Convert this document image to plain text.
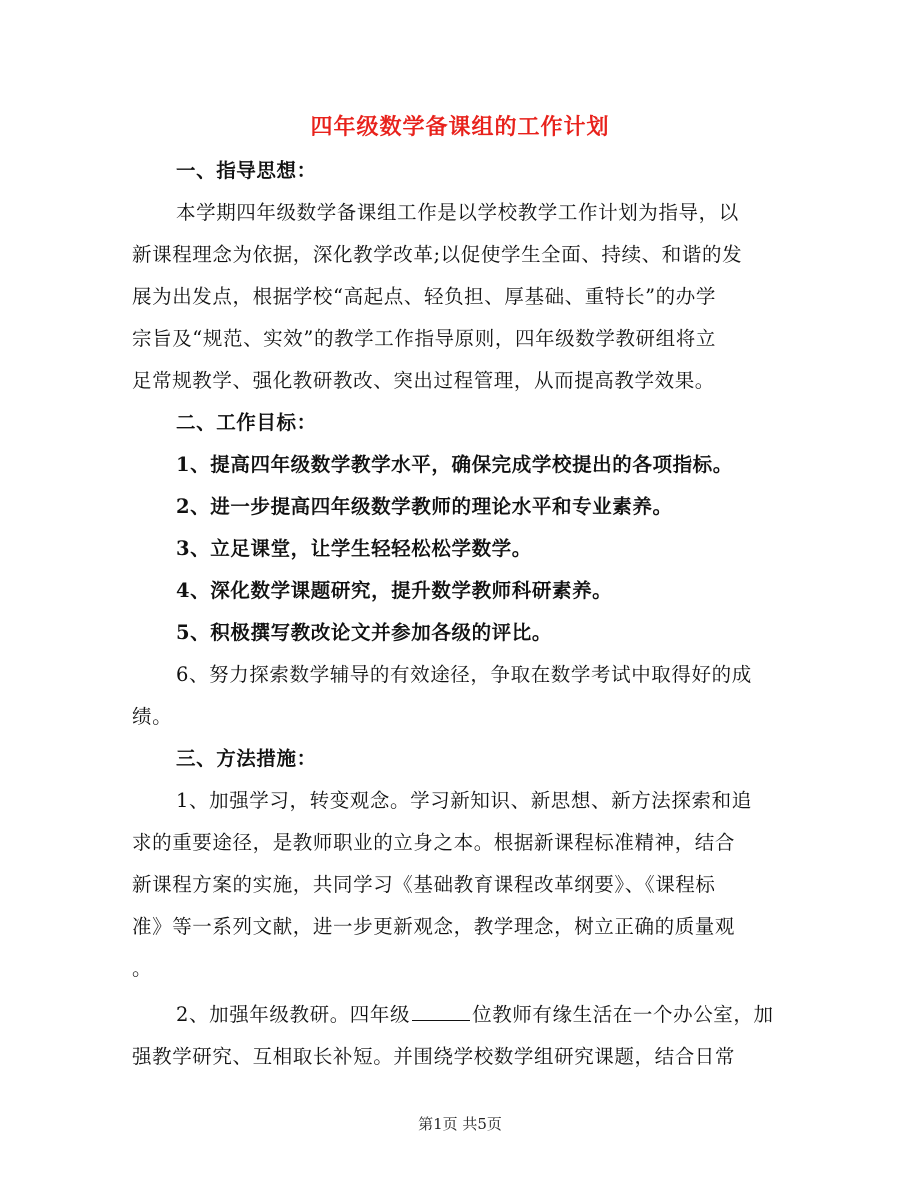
四年级数学备课组的工作计划
一、指导思想：
本学期四年级数学备课组工作是以学校教学工作计划为指导，以
新课程理念为依据，深化教学改革;以促使学生全面、持续、和谐的发
展为出发点，根据学校“高起点、轻负担、厚基础、重特长”的办学
宗旨及“规范、实效”的教学工作指导原则，四年级数学教研组将立
足常规教学、强化教研教改、突出过程管理，从而提高教学效果。
二、工作目标：
1、提高四年级数学教学水平，确保完成学校提出的各项指标。
2、进一步提高四年级数学教师的理论水平和专业素养。
3、立足课堂，让学生轻轻松松学数学。
4、深化数学课题研究，提升数学教师科研素养。
5、积极撰写教改论文并参加各级的评比。
6、努力探索数学辅导的有效途径，争取在数学考试中取得好的成
绩。
三、方法措施：
1、加强学习，转变观念。学习新知识、新思想、新方法探索和追
求的重要途径，是教师职业的立身之本。根据新课程标准精神，结合
新课程方案的实施，共同学习《基础教育课程改革纲要》、《课程标
准》等一系列文献，进一步更新观念，教学理念，树立正确的质量观
。
2、加强年级教研。四年级	位教师有缘生活在一个办公室，加
强教学研究、互相取长补短。并围绕学校数学组研究课题，结合日常
第1页 共5页
